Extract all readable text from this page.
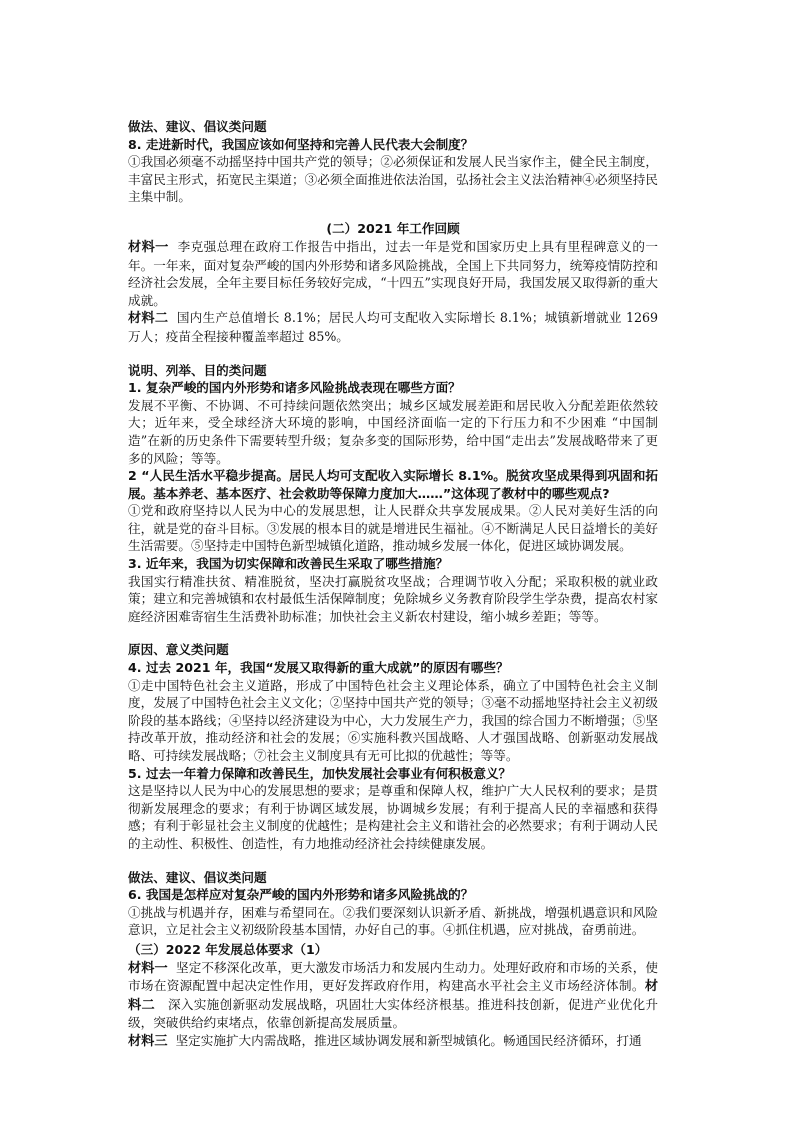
做法、建议、倡议类问题

8. 走进新时代，我国应该如何坚持和完善人民代表大会制度？

①我国必须毫不动摇坚持中国共产党的领导；②必须保证和发展人民当家作主，健全民主制度，丰富民主形式，拓宽民主渠道；③必须全面推进依法治国，弘扬社会主义法治精神④必须坚持民主集中制。

(二）2021 年工作回顾

材料一 李克强总理在政府工作报告中指出，过去一年是党和国家历史上具有里程碑意义的一年。一年来，面对复杂严峻的国内外形势和诸多风险挑战，全国上下共同努力，统筹疫情防控和经济社会发展，全年主要目标任务较好完成，“十四五”实现良好开局，我国发展又取得新的重大成就。

材料二 国内生产总值增长 8.1%；居民人均可支配收入实际增长 8.1%；城镇新增就业 1269 万人；疫苗全程接种覆盖率超过 85%。

说明、列举、目的类问题

1. 复杂严峻的国内外形势和诸多风险挑战表现在哪些方面？

发展不平衡、不协调、不可持续问题依然突出；城乡区域发展差距和居民收入分配差距依然较大；近年来，受全球经济大环境的影响，中国经济面临一定的下行压力和不少困难 “中国制造”在新的历史条件下需要转型升级；复杂多变的国际形势，给中国“走出去”发展战略带来了更多的风险；等等。

2 “人民生活水平稳步提高。居民人均可支配收入实际增长 8.1%。脱贫攻坚成果得到巩固和拓展。基本养老、基本医疗、社会救助等保障力度加大……”这体现了教材中的哪些观点?

①党和政府坚持以人民为中心的发展思想，让人民群众共享发展成果。②人民对美好生活的向往，就是党的奋斗目标。③发展的根本目的就是增进民生福祉。④不断满足人民日益增长的美好生活需要。⑤坚持走中国特色新型城镇化道路，推动城乡发展一体化，促进区域协调发展。

3. 近年来，我国为切实保障和改善民生采取了哪些措施？

我国实行精准扶贫、精准脱贫，坚决打赢脱贫攻坚战；合理调节收入分配；采取积极的就业政策；建立和完善城镇和农村最低生活保障制度；免除城乡义务教育阶段学生学杂费，提高农村家庭经济困难寄宿生生活费补助标准；加快社会主义新农村建设，缩小城乡差距；等等。

原因、意义类问题

4. 过去 2021 年，我国“发展又取得新的重大成就”的原因有哪些？

①走中国特色社会主义道路，形成了中国特色社会主义理论体系，确立了中国特色社会主义制度，发展了中国特色社会主义文化；②坚持中国共产党的领导；③毫不动摇地坚持社会主义初级阶段的基本路线；④坚持以经济建设为中心，大力发展生产力，我国的综合国力不断增强；⑤坚持改革开放，推动经济和社会的发展；⑥实施科教兴国战略、人才强国战略、创新驱动发展战略、可持续发展战略；⑦社会主义制度具有无可比拟的优越性；等等。

5. 过去一年着力保障和改善民生，加快发展社会事业有何积极意义？

这是坚持以人民为中心的发展思想的要求；是尊重和保障人权，维护广大人民权利的要求；是贯彻新发展理念的要求；有利于协调区域发展，协调城乡发展；有利于提高人民的幸福感和获得感；有利于彰显社会主义制度的优越性；是构建社会主义和谐社会的必然要求；有利于调动人民的主动性、积极性、创造性，有力地推动经济社会持续健康发展。

做法、建议、倡议类问题

6. 我国是怎样应对复杂严峻的国内外形势和诸多风险挑战的？

①挑战与机遇并存，困难与希望同在。②我们要深刻认识新矛盾、新挑战，增强机遇意识和风险意识，立足社会主义初级阶段基本国情，办好自己的事。④抓住机遇，应对挑战，奋勇前进。

（三）2022 年发展总体要求（1）

材料一 坚定不移深化改革，更大激发市场活力和发展内生动力。处理好政府和市场的关系，使市场在资源配置中起决定性作用，更好发挥政府作用，构建高水平社会主义市场经济体制。材料二 深入实施创新驱动发展战略，巩固壮大实体经济根基。推进科技创新，促进产业优化升级，突破供给约束堵点，依靠创新提高发展质量。

材料三 坚定实施扩大内需战略，推进区域协调发展和新型城镇化。畅通国民经济循环，打通
